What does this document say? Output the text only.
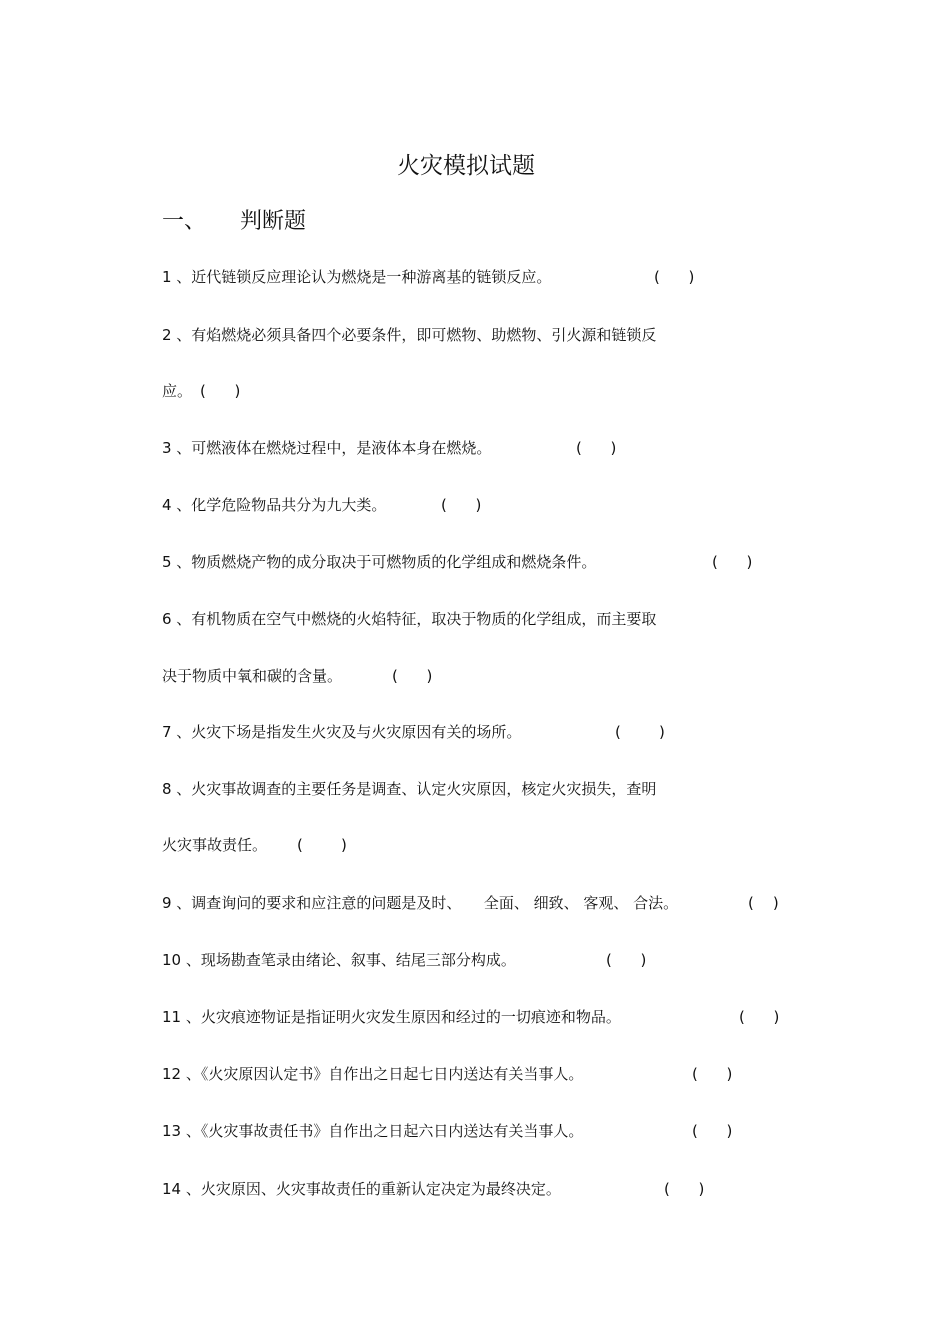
火灾模拟试题
一、 判断题
1 、近代链锁反应理论认为燃烧是一种游离基的链锁反应。	(      )
2 、有焰燃烧必须具备四个必要条件，即可燃物、助燃物、引火源和链锁反
应。 (      )
3 、可燃液体在燃烧过程中，是液体本身在燃烧。	(      )
4 、化学危险物品共分为九大类。	(      )
5 、物质燃烧产物的成分取决于可燃物质的化学组成和燃烧条件。	(      )
6 、有机物质在空气中燃烧的火焰特征，取决于物质的化学组成，而主要取
决于物质中氧和碳的含量。	(      )
7 、火灾下场是指发生火灾及与火灾原因有关的场所。	(        )
8 、火灾事故调查的主要任务是调查、认定火灾原因，核定火灾损失，查明
火灾事故责任。 (        )
9 、调查询问的要求和应注意的问题是及时、　　全面、 细致、 客观、 合法。	(    )
10 、现场勘查笔录由绪论、叙事、结尾三部分构成。	(      )
11 、火灾痕迹物证是指证明火灾发生原因和经过的一切痕迹和物品。	(      )
12 、《火灾原因认定书》自作出之日起七日内送达有关当事人。	(      )
13 、《火灾事故责任书》自作出之日起六日内送达有关当事人。	(      )
14 、火灾原因、火灾事故责任的重新认定决定为最终决定。	(      )
